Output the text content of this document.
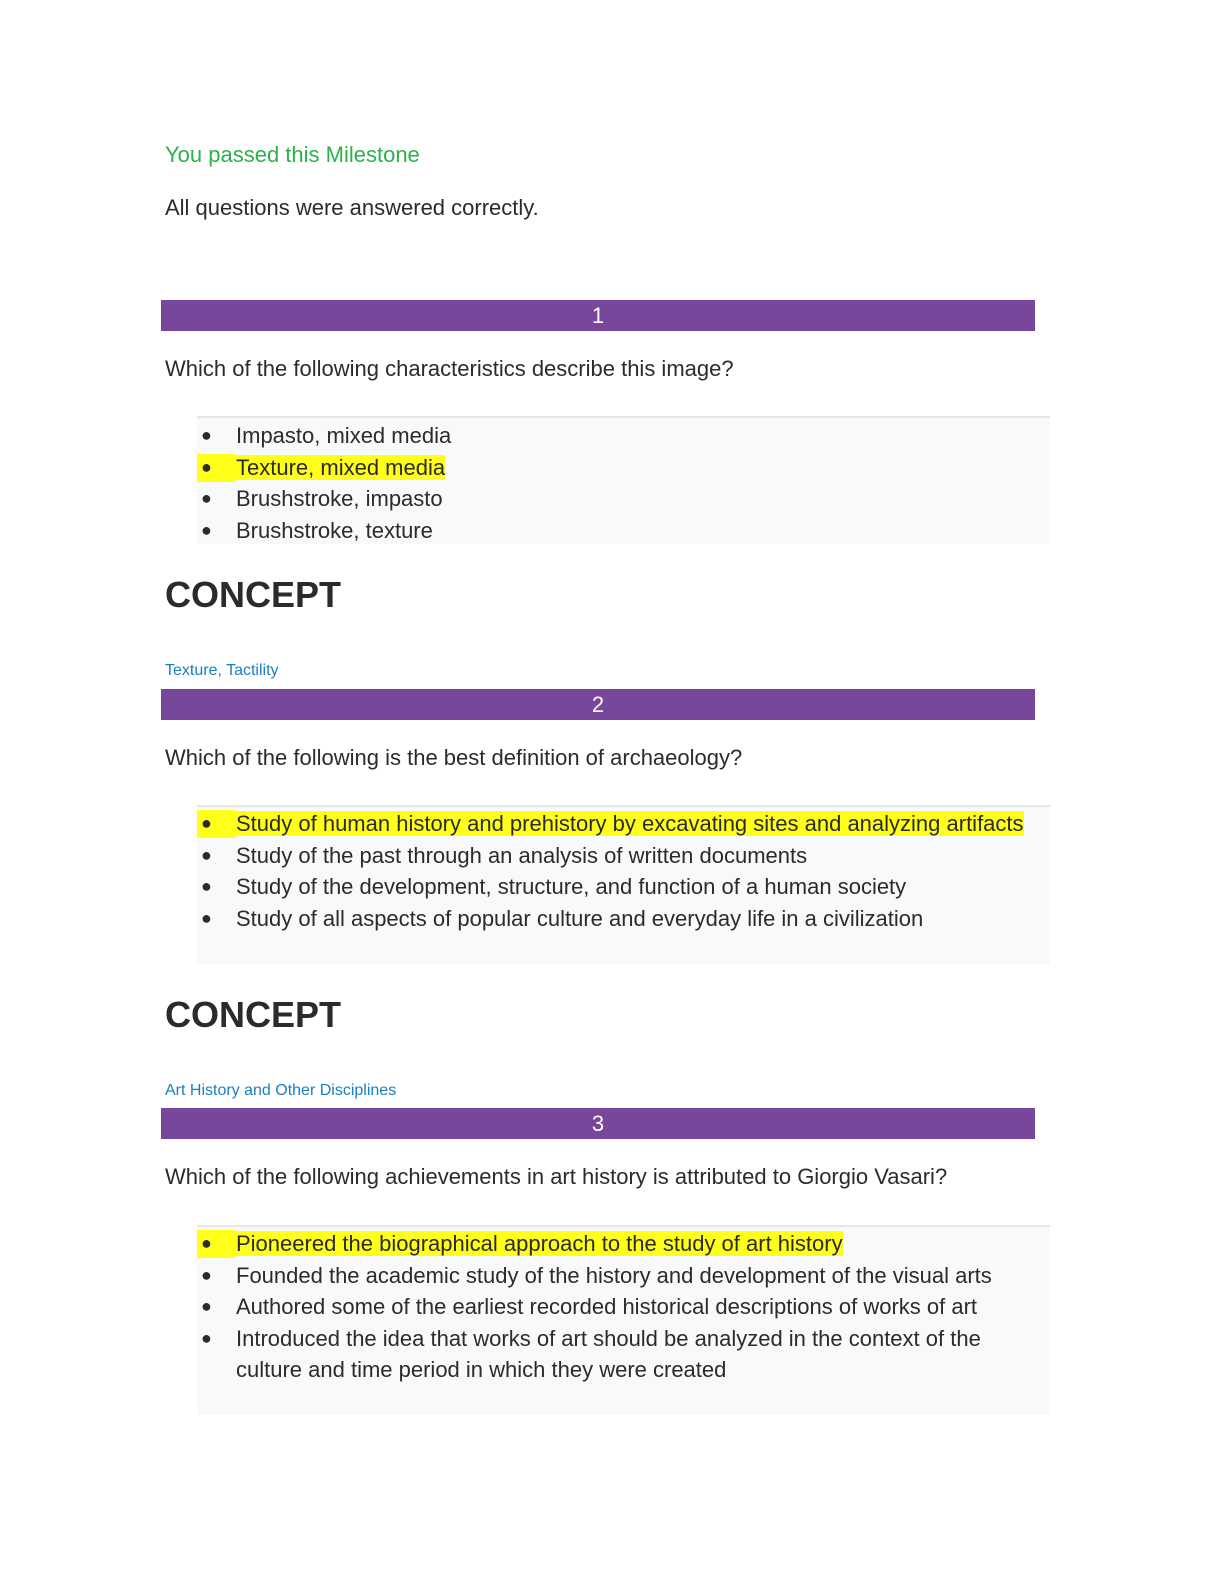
You passed this Milestone
All questions were answered correctly.
1
Which of the following characteristics describe this image?
● Impasto, mixed media
● Texture, mixed media
● Brushstroke, impasto
● Brushstroke, texture
CONCEPT
Texture, Tactility
2
Which of the following is the best definition of archaeology?
● Study of human history and prehistory by excavating sites and analyzing artifacts
● Study of the past through an analysis of written documents
● Study of the development, structure, and function of a human society
● Study of all aspects of popular culture and everyday life in a civilization
CONCEPT
Art History and Other Disciplines
3
Which of the following achievements in art history is attributed to Giorgio Vasari?
● Pioneered the biographical approach to the study of art history
● Founded the academic study of the history and development of the visual arts
● Authored some of the earliest recorded historical descriptions of works of art
● Introduced the idea that works of art should be analyzed in the context of the culture and time period in which they were created
